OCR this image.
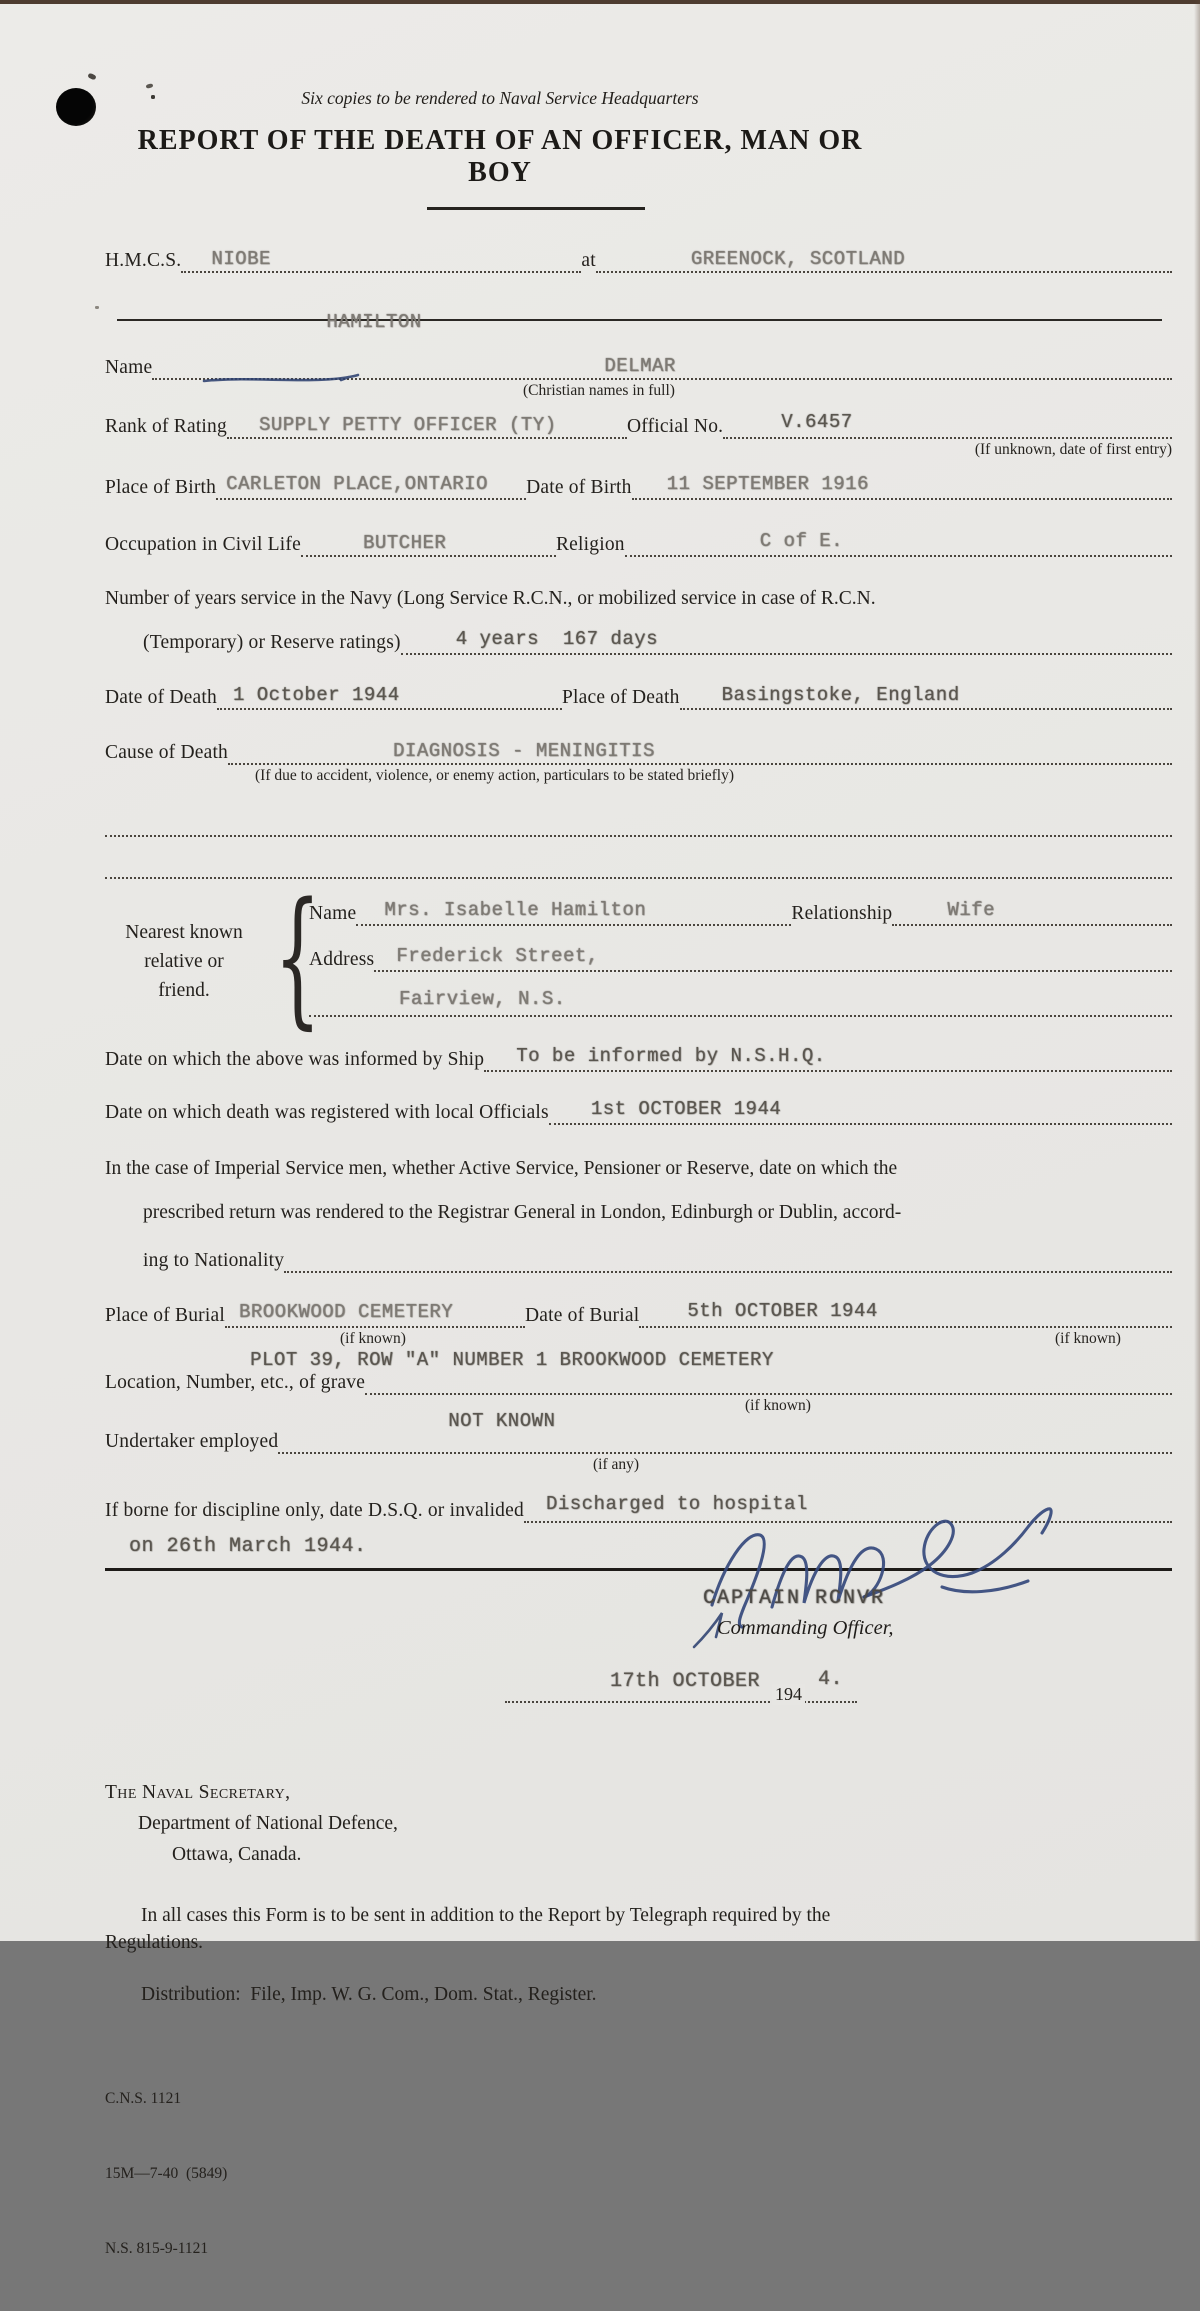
Six copies to be rendered to Naval Service Headquarters
REPORT OF THE DEATH OF AN OFFICER, MAN OR BOY
H.M.C.S. NIOBE	at	GREENOCK, SCOTLAND
Name

HAMILTON

DELMAR
(Christian names in full)
Rank of Rating SUPPLY PETTY OFFICER (TY)	Official No.	V.6457
(If unknown, date of first entry)
Place of Birth CARLETON PLACE,ONTARIO Date of Birth 11 SEPTEMBER 1916
Occupation in Civil Life	BUTCHER	Religion	C of E.
Number of years service in the Navy (Long Service R.C.N., or mobilized service in case of R.C.N.
(Temporary) or Reserve ratings)	4 years  167 days
Date of Death 1 October 1944	Place of Death Basingstoke, England
Cause of Death	DIAGNOSIS - MENINGITIS
(If due to accident, violence, or enemy action, particulars to be stated briefly)
Nearest known
relative or
friend. {
Name Mrs. Isabelle Hamilton	Relationship	Wife
Address Frederick Street,
Fairview, N.S.
Date on which the above was informed by Ship To be informed by N.S.H.Q.
Date on which death was registered with local Officials 1st OCTOBER 1944
In the case of Imperial Service men, whether Active Service, Pensioner or Reserve, date on which the
prescribed return was rendered to the Registrar General in London, Edinburgh or Dublin, accord-
ing to Nationality
Place of Burial BROOKWOOD CEMETERY	Date of Burial	5th OCTOBER 1944
(if known)	(if known)
Location, Number, etc., of grave
PLOT 39, ROW "A" NUMBER 1 BROOKWOOD CEMETERY
(if known)
Undertaker employed
NOT KNOWN
(if any)
If borne for discipline only, date D.S.Q. or invalided Discharged to hospital
on 26th March 1944.
CAPTAIN RCNVR
Commanding Officer,
17th OCTOBER
194
4.
The Naval Secretary,
Department of National Defence,
Ottawa, Canada.
In all cases this Form is to be sent in addition to the Report by Telegraph required by the
Regulations.
Distribution:  File, Imp. W. G. Com., Dom. Stat., Register.

C.N.S. 1121

15M—7-40  (5849)

N.S. 815-9-1121
